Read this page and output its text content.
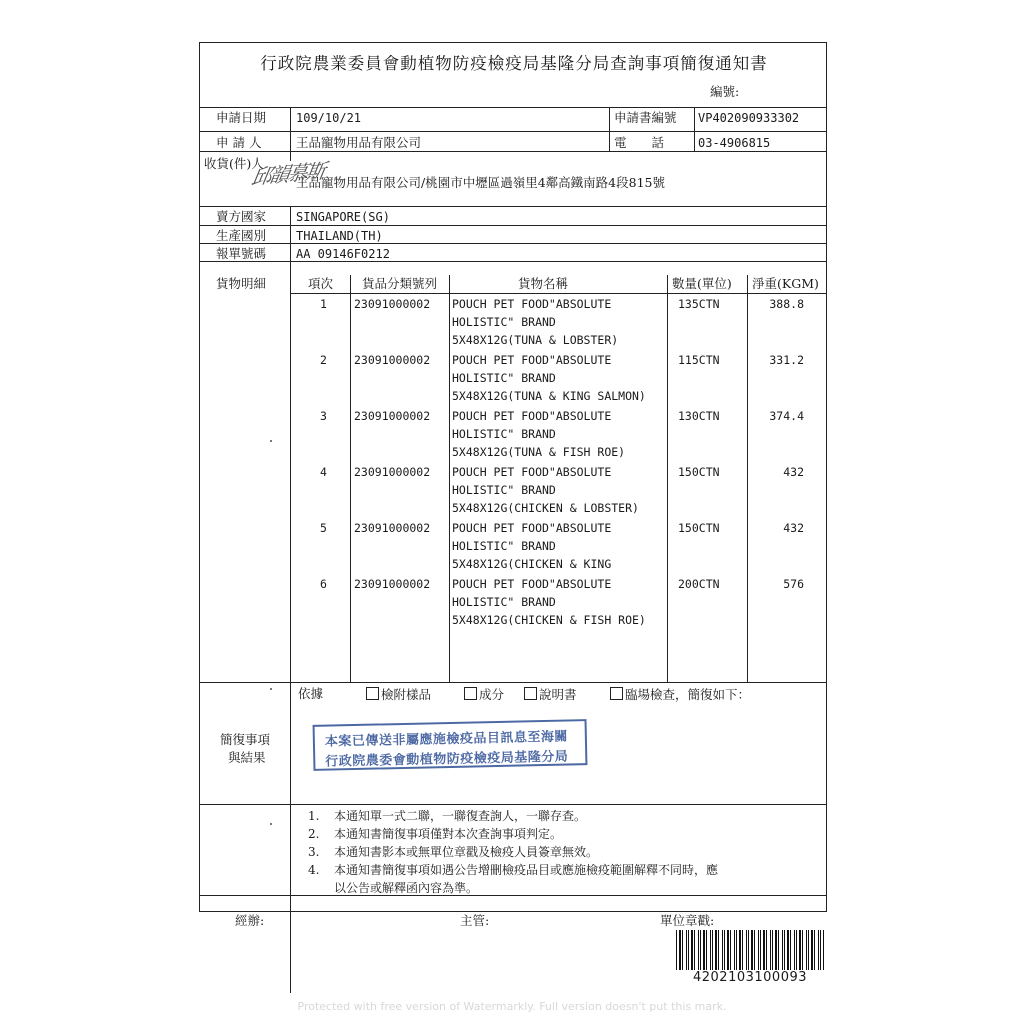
行政院農業委員會動植物防疫檢疫局基隆分局查詢事項簡復通知書
編號:
申請日期 109/10/21	申請書編號 VP402090933302
申 請 人	王品寵物用品有限公司	電　　話	03-4906815
收貨(件)人
王品寵物用品有限公司/桃園市中壢區過嶺里4鄰高鐵南路4段815號
賣方國家 SINGAPORE(SG)
生產國別 THAILAND(TH)
報單號碼 AA 09146F0212
貨物明細	項次 貨品分類號列	貨物名稱	數量(單位) 淨重(KGM)
1 23091000002 POUCH PET FOOD"ABSOLUTE
HOLISTIC" BRAND
5X48X12G(TUNA & LOBSTER)
135CTN	388.8
2 23091000002 POUCH PET FOOD"ABSOLUTE
HOLISTIC" BRAND
5X48X12G(TUNA & KING SALMON)
115CTN	331.2
3 23091000002 POUCH PET FOOD"ABSOLUTE
HOLISTIC" BRAND
5X48X12G(TUNA & FISH ROE)
130CTN	374.4
4 23091000002 POUCH PET FOOD"ABSOLUTE
HOLISTIC" BRAND
5X48X12G(CHICKEN & LOBSTER)
150CTN	432
5 23091000002 POUCH PET FOOD"ABSOLUTE
HOLISTIC" BRAND
5X48X12G(CHICKEN & KING
150CTN	432
6 23091000002 POUCH PET FOOD"ABSOLUTE
HOLISTIC" BRAND
5X48X12G(CHICKEN & FISH ROE)
200CTN	576
依據	檢附樣品	成分	說明書	臨場檢查，簡復如下：
簡復事項
與結果
本案已傳送非屬應施檢疫品目訊息至海關
行政院農委會動植物防疫檢疫局基隆分局
1. 本通知單一式二聯，一聯復查詢人，一聯存查。
2. 本通知書簡復事項僅對本次查詢事項判定。
3. 本通知書影本或無單位章戳及檢疫人員簽章無效。
4. 本通知書簡復事項如遇公告增刪檢疫品目或應施檢疫範圍解釋不同時，應
以公告或解釋函內容為準。
邱韻慕斯
經辦:	主管:	單位章戳:
4202103100093
Protected with free version of Watermarkly. Full version doesn't put this mark.
